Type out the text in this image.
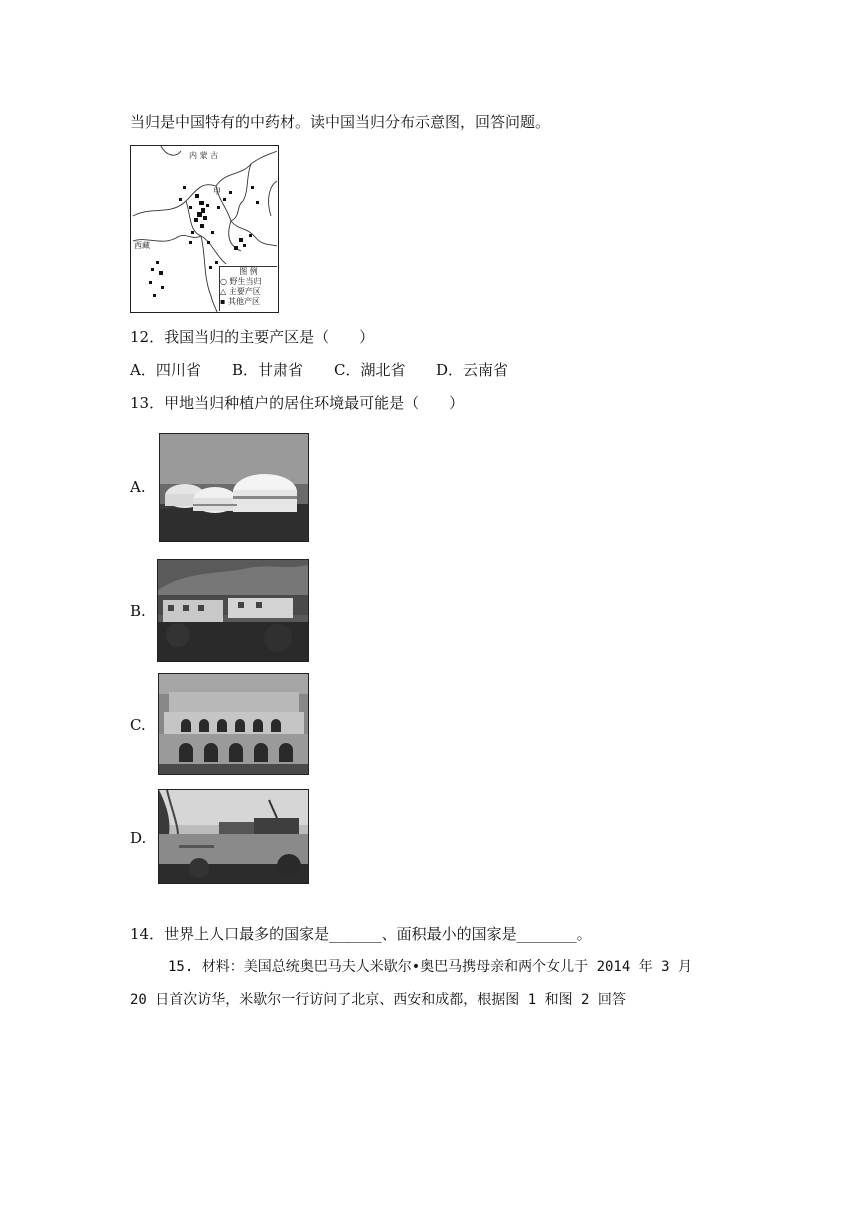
当归是中国特有的中药材。读中国当归分布示意图，回答问题。
内 蒙 古
西藏
甲
图 例
○ 野生当归
△ 主要产区
▪ 其他产区
12．我国当归的主要产区是（　　）
A．四川省 B．甘肃省 C．湖北省 D．云南省
13．甲地当归种植户的居住环境最可能是（　　）
A.
B.
C.
D.
14．世界上人口最多的国家是_______、面积最小的国家是________。
15. 材料：美国总统奥巴马夫人米歇尔•奥巴马携母亲和两个女儿于 2014 年 3 月
20 日首次访华，米歇尔一行访问了北京、西安和成都，根据图 1 和图 2 回答
